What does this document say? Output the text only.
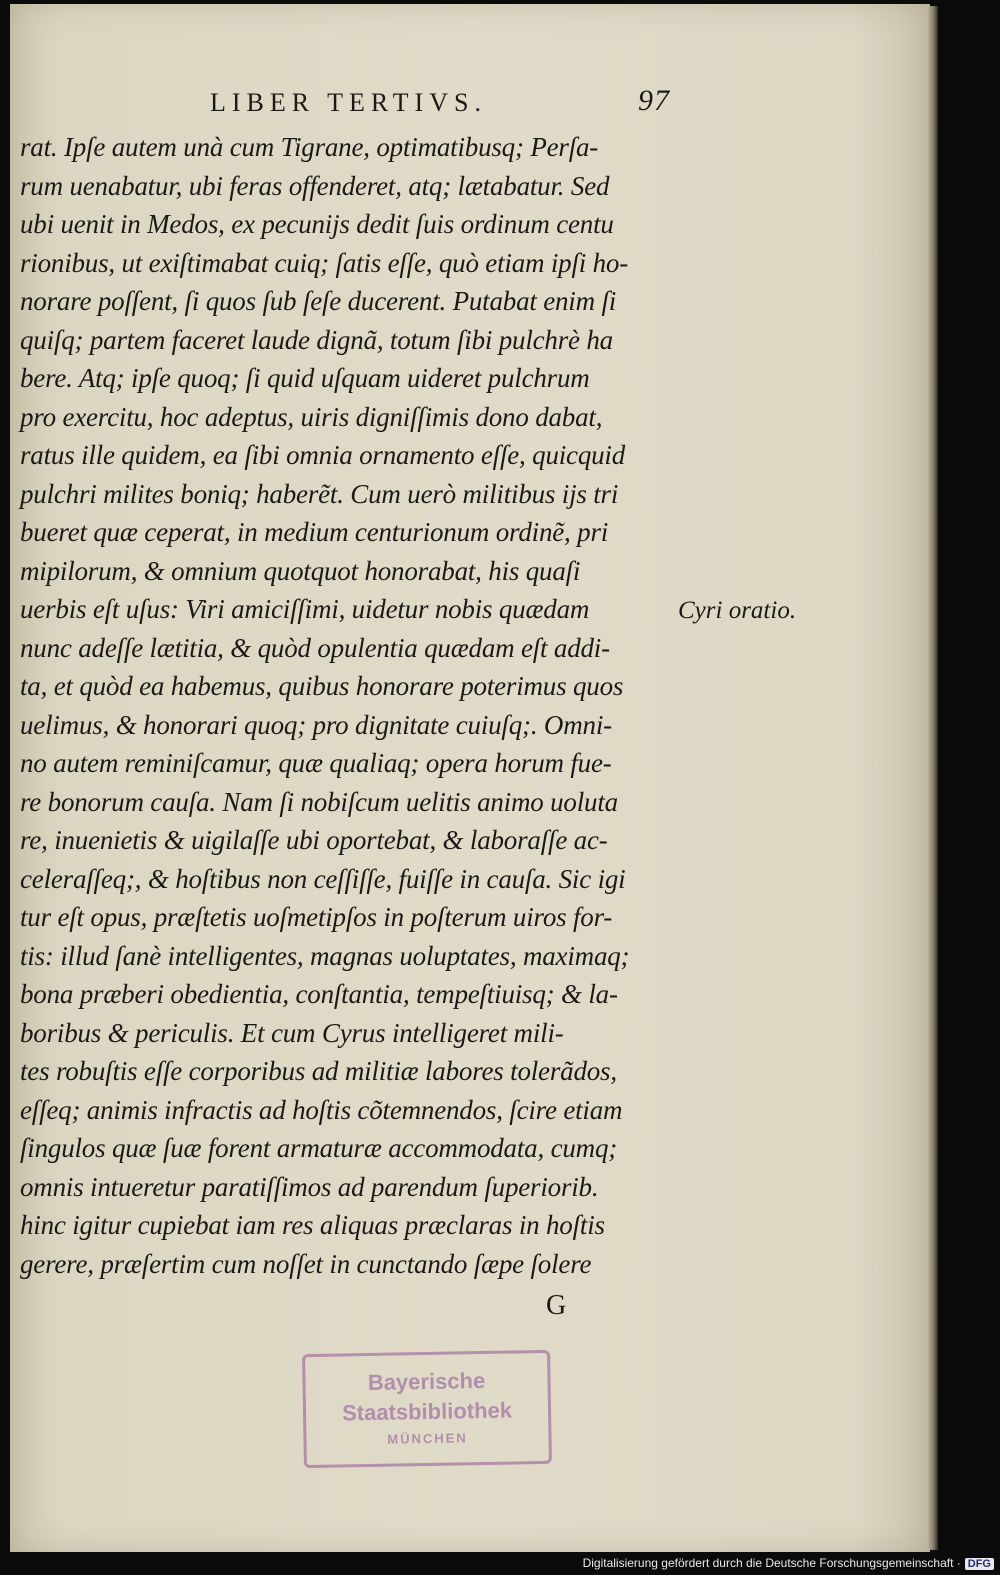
LIBER TERTIVS.	97
rat. Ipſe autem unà cum Tigrane, optimatibusq; Perſa-
rum uenabatur, ubi feras offenderet, atq; lætabatur. Sed
ubi uenit in Medos, ex pecunijs dedit ſuis ordinum centu
rionibus, ut exiſtimabat cuiq; ſatis eſſe, quò etiam ipſi ho-
norare poſſent, ſi quos ſub ſeſe ducerent. Putabat enim ſi
quiſq; partem faceret laude dignã, totum ſibi pulchrè ha
bere. Atq; ipſe quoq; ſi quid uſquam uideret pulchrum
pro exercitu, hoc adeptus, uiris digniſſimis dono dabat,
ratus ille quidem, ea ſibi omnia ornamento eſſe, quicquid
pulchri milites boniq; haberẽt. Cum uerò militibus ijs tri
bueret quæ ceperat, in medium centurionum ordinẽ, pri
mipilorum, & omnium quotquot honorabat, his quaſi
uerbis eſt uſus: Viri amiciſſimi, uidetur nobis quædam
nunc adeſſe lætitia, & quòd opulentia quædam eſt addi-
ta, et quòd ea habemus, quibus honorare poterimus quos
uelimus, & honorari quoq; pro dignitate cuiuſq;. Omni-
no autem reminiſcamur, quæ qualiaq; opera horum fue-
re bonorum cauſa. Nam ſi nobiſcum uelitis animo uoluta
re, inuenietis & uigilaſſe ubi oportebat, & laboraſſe ac-
celeraſſeq;, & hoſtibus non ceſſiſſe, fuiſſe in cauſa. Sic igi
tur eſt opus, præſtetis uoſmetipſos in poſterum uiros for-
tis: illud ſanè intelligentes, magnas uoluptates, maximaq;
bona præberi obedientia, conſtantia, tempeſtiuisq; & la-
boribus & periculis. Et cum Cyrus intelligeret mili-
tes robuſtis eſſe corporibus ad militiæ labores tolerãdos,
eſſeq; animis infractis ad hoſtis cõtemnendos, ſcire etiam
ſingulos quæ ſuæ forent armaturæ accommodata, cumq;
omnis intueretur paratiſſimos ad parendum ſuperiorib.
hinc igitur cupiebat iam res aliquas præclaras in hoſtis
gerere, præſertim cum noſſet in cunctando ſæpe ſolere
Cyri oratio.
G
Bayerische
Staatsbibliothek
MÜNCHEN
Digitalisierung gefördert durch die Deutsche Forschungsgemeinschaft · DFG
